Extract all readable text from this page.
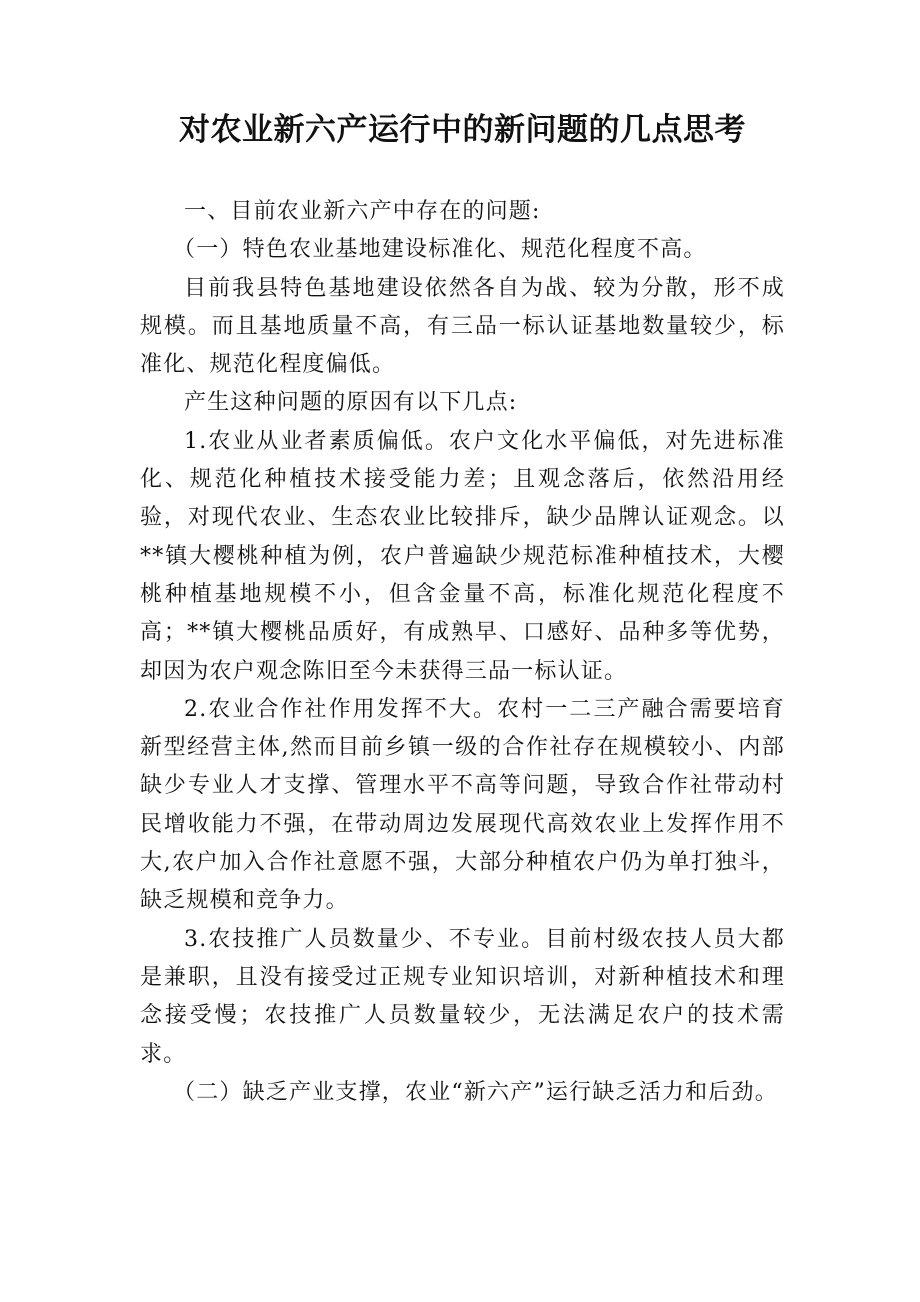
对农业新六产运行中的新问题的几点思考

一、目前农业新六产中存在的问题:

（一）特色农业基地建设标准化、规范化程度不高。

目前我县特色基地建设依然各自为战、较为分散，形不成规模。而且基地质量不高，有三品一标认证基地数量较少，标准化、规范化程度偏低。

产生这种问题的原因有以下几点:

1.农业从业者素质偏低。农户文化水平偏低，对先进标准化、规范化种植技术接受能力差；且观念落后，依然沿用经验，对现代农业、生态农业比较排斥，缺少品牌认证观念。以**镇大樱桃种植为例，农户普遍缺少规范标准种植技术，大樱桃种植基地规模不小，但含金量不高，标准化规范化程度不高；**镇大樱桃品质好，有成熟早、口感好、品种多等优势，却因为农户观念陈旧至今未获得三品一标认证。

2.农业合作社作用发挥不大。农村一二三产融合需要培育新型经营主体,然而目前乡镇一级的合作社存在规模较小、内部缺少专业人才支撑、管理水平不高等问题，导致合作社带动村民增收能力不强，在带动周边发展现代高效农业上发挥作用不大,农户加入合作社意愿不强，大部分种植农户仍为单打独斗，缺乏规模和竞争力。

3.农技推广人员数量少、不专业。目前村级农技人员大都是兼职，且没有接受过正规专业知识培训，对新种植技术和理念接受慢；农技推广人员数量较少，无法满足农户的技术需求。

（二）缺乏产业支撑，农业“新六产”运行缺乏活力和后劲。
